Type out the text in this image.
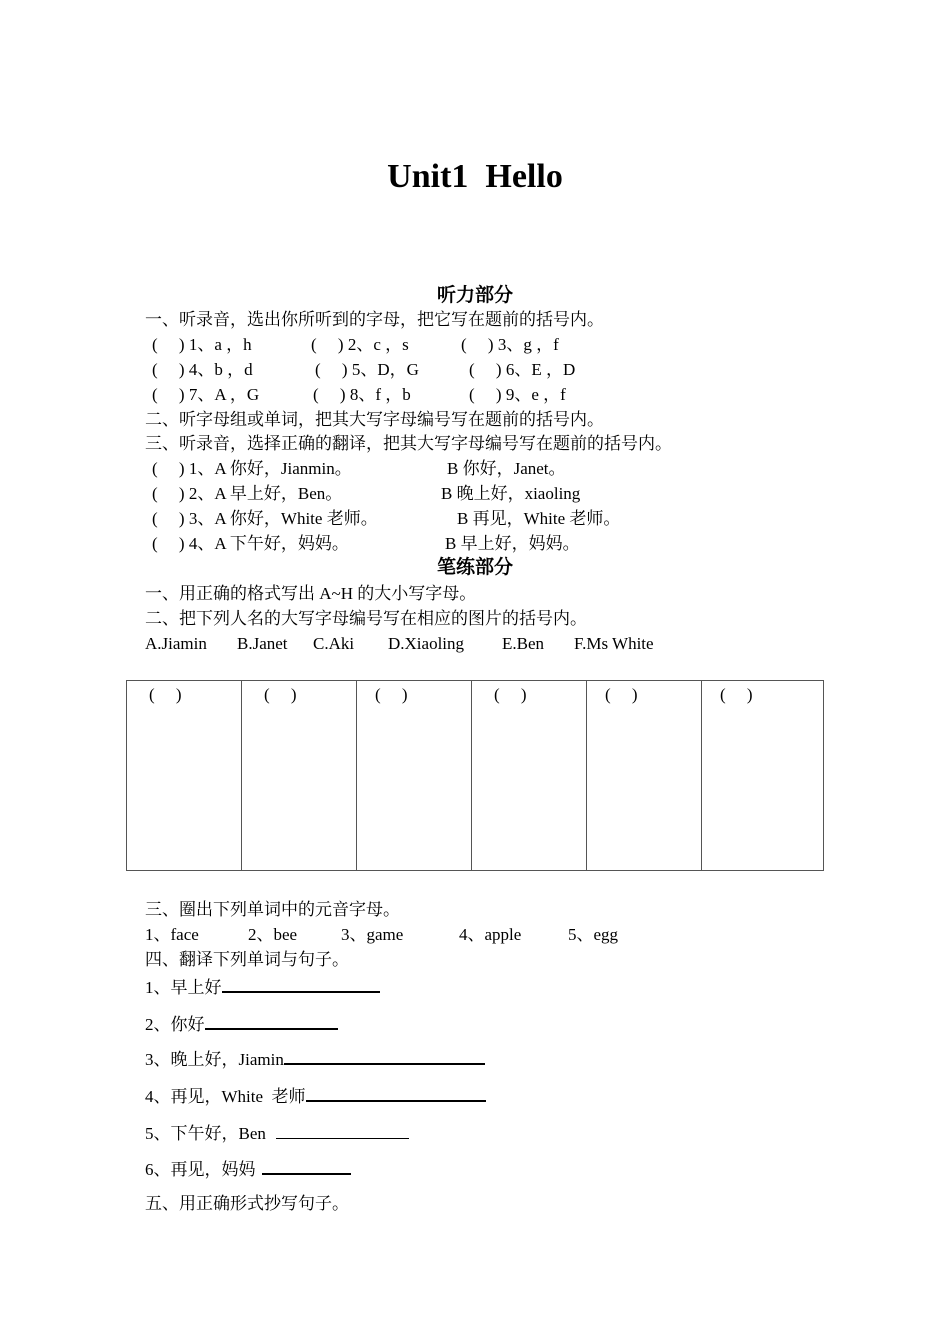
Unit1  Hello
听力部分
一、听录音，选出你所听到的字母，把它写在题前的括号内。
(     ) 1、a ，h	(     ) 2、c ，s	(     ) 3、g ，f
(     ) 4、b ，d	(     ) 5、D，G	(     ) 6、E ，D
(     ) 7、A ，G	(     ) 8、f ，b	(     ) 9、e ，f
二、听字母组或单词，把其大写字母编号写在题前的括号内。
三、听录音，选择正确的翻译，把其大写字母编号写在题前的括号内。
(     ) 1、A 你好，Jianmin。	B 你好，Janet。
(     ) 2、A 早上好，Ben。	B 晚上好，xiaoling
(     ) 3、A 你好，White 老师。	B 再见，White 老师。
(     ) 4、A 下午好，妈妈。	B 早上好，妈妈。
笔练部分
一、用正确的格式写出 A~H 的大小写字母。
二、把下列人名的大写字母编号写在相应的图片的括号内。
A.Jiamin B.Janet C.Aki D.Xiaoling E.Ben F.Ms White
(     )	(     )	(     )	(     )	(     )	(     )
三、圈出下列单词中的元音字母。
1、face	2、bee	3、game	4、apple	5、egg
四、翻译下列单词与句子。
1、早上好
2、你好
3、晚上好，Jiamin
4、再见，White  老师
5、下午好，Ben
6、再见，妈妈
五、用正确形式抄写句子。
